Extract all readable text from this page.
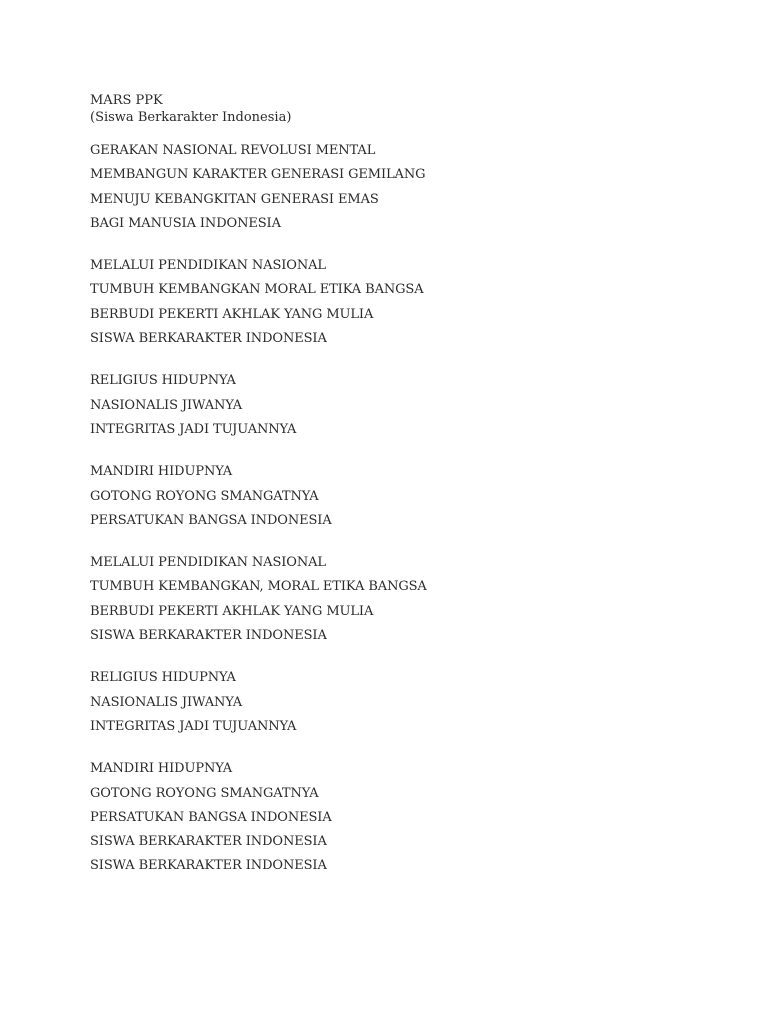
MARS PPK
(Siswa Berkarakter Indonesia)
GERAKAN NASIONAL REVOLUSI MENTAL
MEMBANGUN KARAKTER GENERASI GEMILANG
MENUJU KEBANGKITAN GENERASI EMAS
BAGI MANUSIA INDONESIA
MELALUI PENDIDIKAN NASIONAL
TUMBUH KEMBANGKAN MORAL ETIKA BANGSA
BERBUDI PEKERTI AKHLAK YANG MULIA
SISWA BERKARAKTER INDONESIA
RELIGIUS HIDUPNYA
NASIONALIS JIWANYA
INTEGRITAS JADI TUJUANNYA
MANDIRI HIDUPNYA
GOTONG ROYONG SMANGATNYA
PERSATUKAN BANGSA INDONESIA
MELALUI PENDIDIKAN NASIONAL
TUMBUH KEMBANGKAN, MORAL ETIKA BANGSA
BERBUDI PEKERTI AKHLAK YANG MULIA
SISWA BERKARAKTER INDONESIA
RELIGIUS HIDUPNYA
NASIONALIS JIWANYA
INTEGRITAS JADI TUJUANNYA
MANDIRI HIDUPNYA
GOTONG ROYONG SMANGATNYA
PERSATUKAN BANGSA INDONESIA
SISWA BERKARAKTER INDONESIA
SISWA BERKARAKTER INDONESIA
